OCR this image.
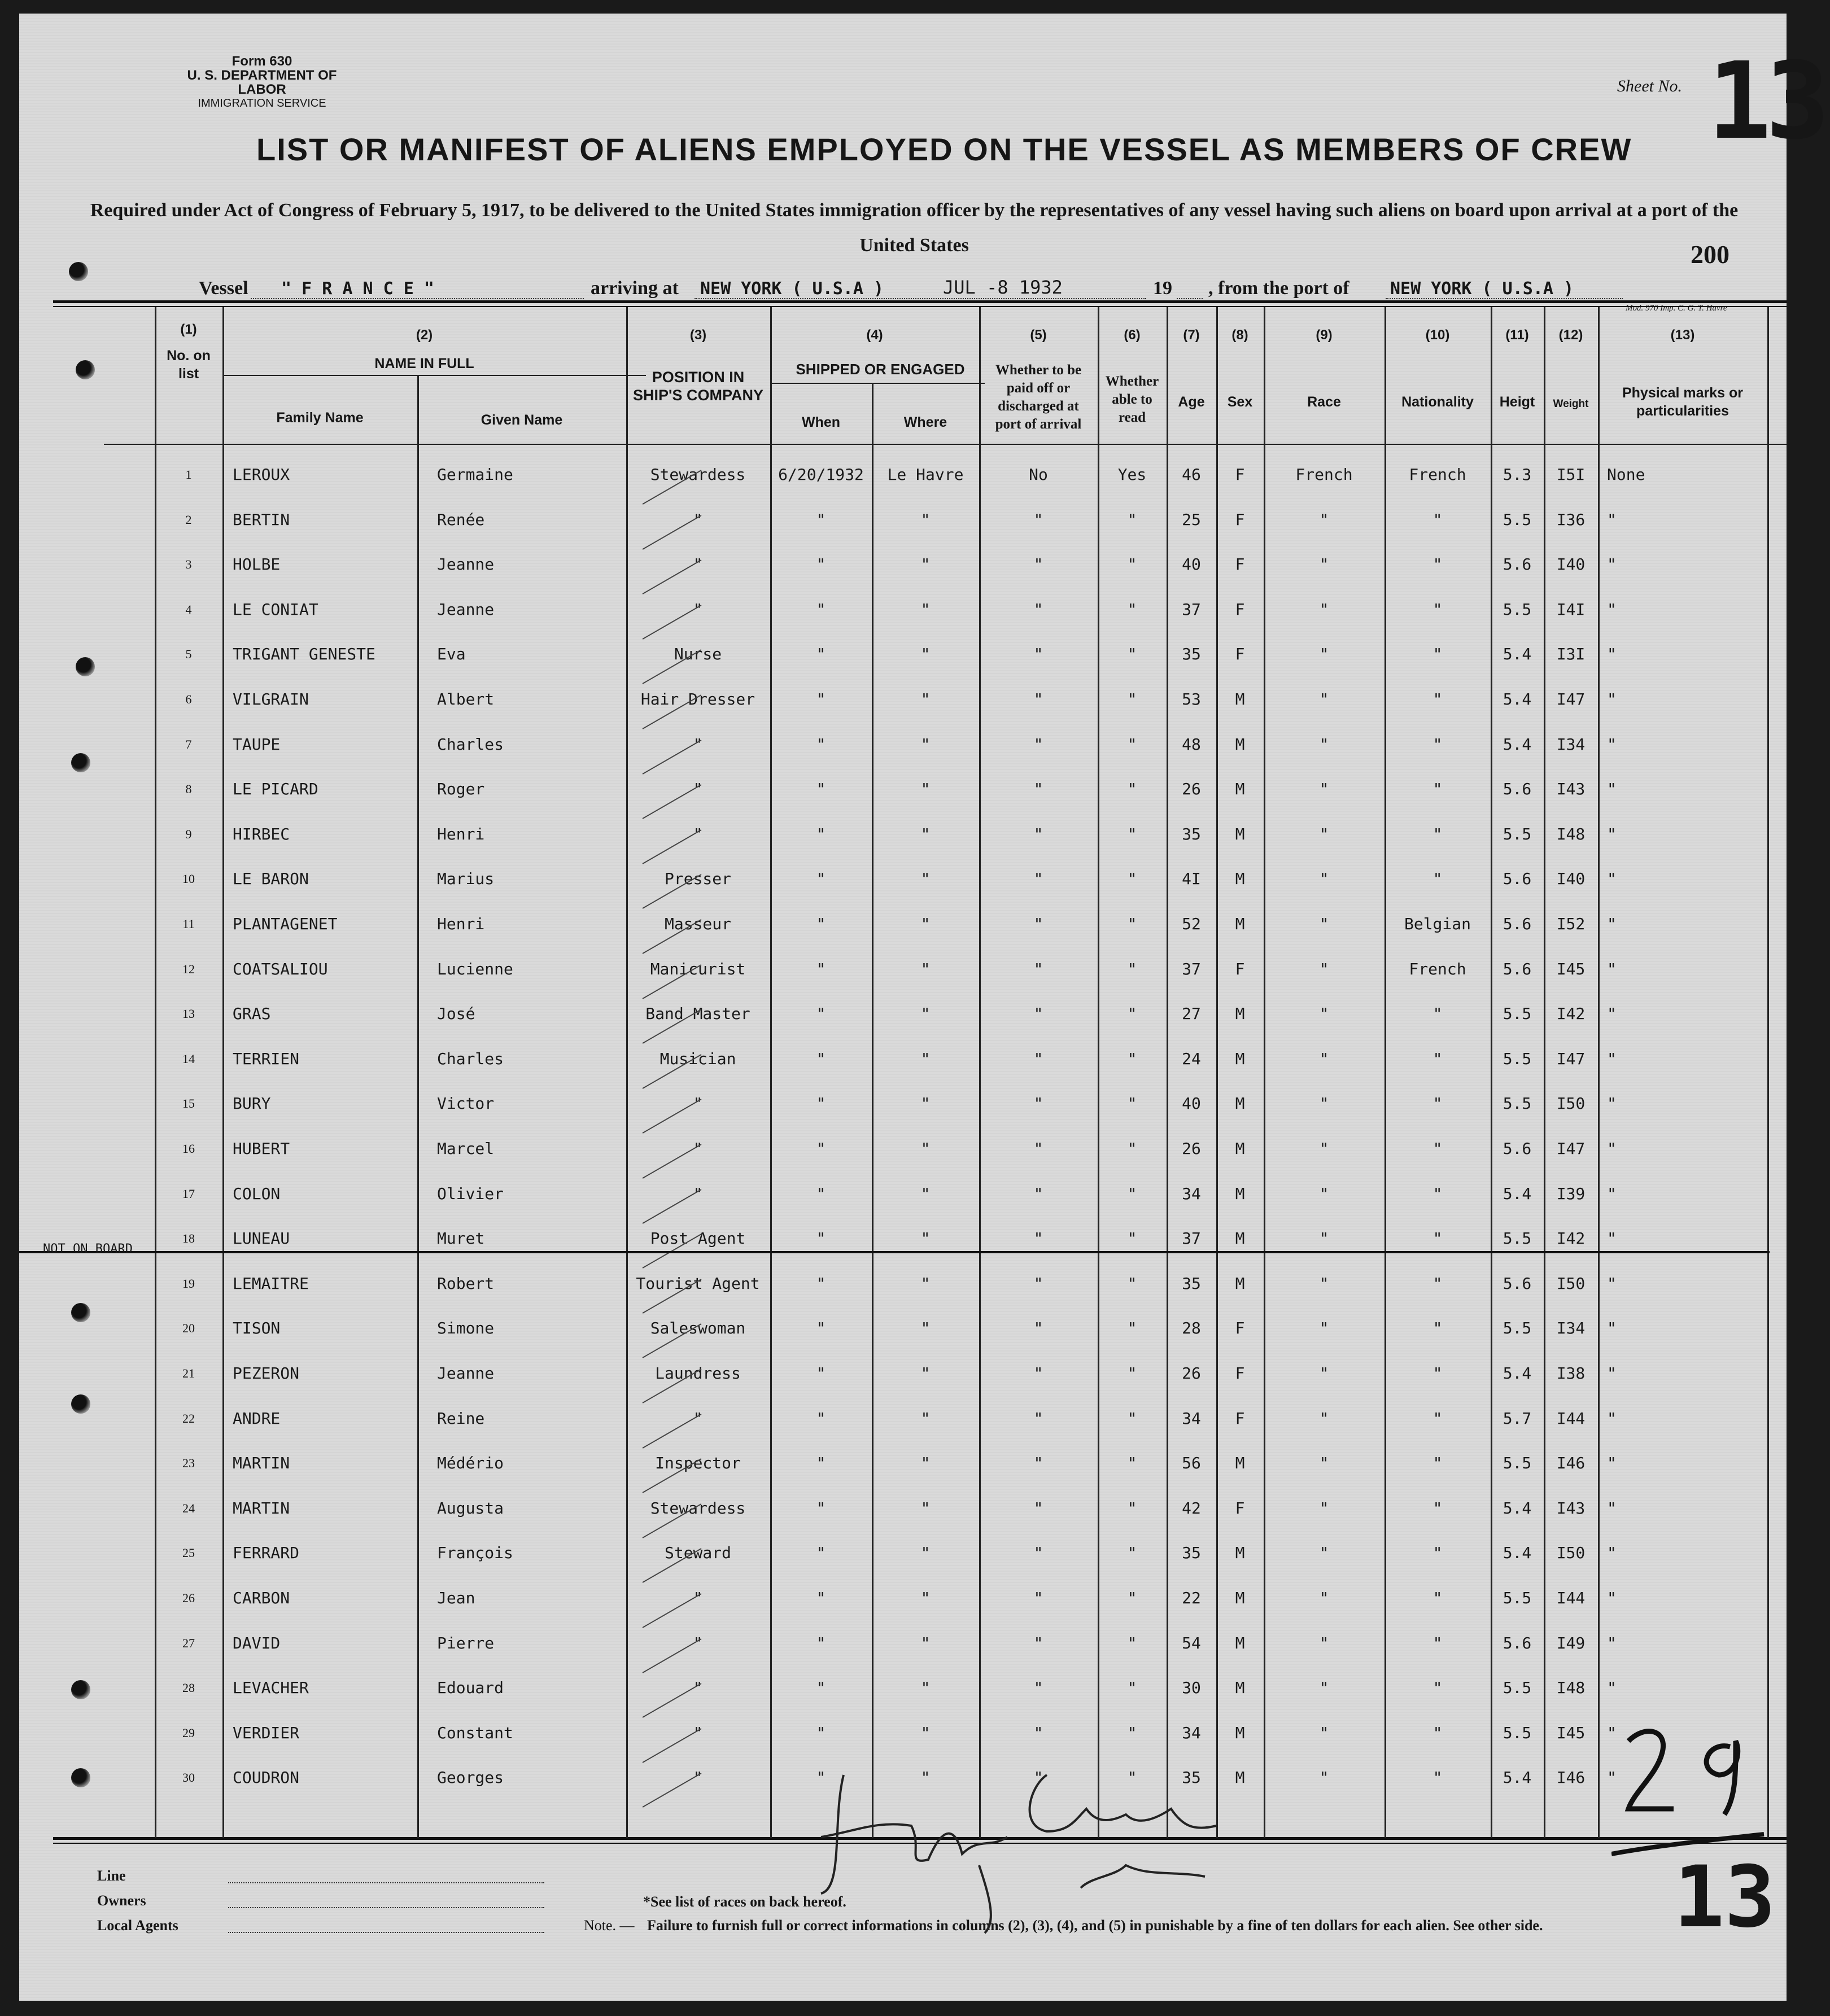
Form 630
U. S. DEPARTMENT OF LABOR
IMMIGRATION SERVICE
Sheet No. 13
200
LIST OR MANIFEST OF ALIENS EMPLOYED ON THE VESSEL AS MEMBERS OF CREW
Required under Act of Congress of February 5, 1917, to be delivered to the United States immigration officer by the representatives of any vessel having such aliens on board upon arrival at a port of the United States
Vessel " F R A N C E "	arriving at NEW YORK ( U.S.A )	JUL -8 1932	19 , from the port of NEW YORK ( U.S.A )
Mod. 970 Imp. C. G. T. Havre
(1)	(2)	(3)	(4)	(5)	(6)	(7)	(8)	(9)	(10)	(11)	(12)	(13)
No. on list
NAME IN FULL
Family Name	Given Name
POSITION IN SHIP'S COMPANY
SHIPPED OR ENGAGED
When	Where
Whether to be paid off or discharged at port of arrival
Whether able to read
Age	Sex	Race	Nationality	Heigt	Weight
Physical marks or particularities
1	LEROUX	Germaine	Stewardess	6/20/1932	Le Havre	No	Yes	46	F	French	French	5.3	I5I	None
2	BERTIN	Renée	"	"	"	"	"	25	F	"	"	5.5	I36	"
3	HOLBE	Jeanne	"	"	"	"	"	40	F	"	"	5.6	I40	"
4	LE CONIAT	Jeanne	"	"	"	"	"	37	F	"	"	5.5	I4I	"
5	TRIGANT GENESTE	Eva	Nurse	"	"	"	"	35	F	"	"	5.4	I3I	"
6	VILGRAIN	Albert	Hair Dresser	"	"	"	"	53	M	"	"	5.4	I47	"
7	TAUPE	Charles	"	"	"	"	"	48	M	"	"	5.4	I34	"
8	LE PICARD	Roger	"	"	"	"	"	26	M	"	"	5.6	I43	"
9	HIRBEC	Henri	"	"	"	"	"	35	M	"	"	5.5	I48	"
10	LE BARON	Marius	Presser	"	"	"	"	4I	M	"	"	5.6	I40	"
11	PLANTAGENET	Henri	Masseur	"	"	"	"	52	M	"	Belgian	5.6	I52	"
12	COATSALIOU	Lucienne	Manicurist	"	"	"	"	37	F	"	French	5.6	I45	"
13	GRAS	José	Band Master	"	"	"	"	27	M	"	"	5.5	I42	"
14	TERRIEN	Charles	Musician	"	"	"	"	24	M	"	"	5.5	I47	"
15	BURY	Victor	"	"	"	"	"	40	M	"	"	5.5	I50	"
16	HUBERT	Marcel	"	"	"	"	"	26	M	"	"	5.6	I47	"
17	COLON	Olivier	"	"	"	"	"	34	M	"	"	5.4	I39	"
18	LUNEAU	Muret	Post Agent	"	"	"	"	37	M	"	"	5.5	I42	"
19	LEMAITRE	Robert	Tourist Agent	"	"	"	"	35	M	"	"	5.6	I50	"
20	TISON	Simone	Saleswoman	"	"	"	"	28	F	"	"	5.5	I34	"
21	PEZERON	Jeanne	Laundress	"	"	"	"	26	F	"	"	5.4	I38	"
22	ANDRE	Reine	"	"	"	"	"	34	F	"	"	5.7	I44	"
23	MARTIN	Médério	Inspector	"	"	"	"	56	M	"	"	5.5	I46	"
24	MARTIN	Augusta	Stewardess	"	"	"	"	42	F	"	"	5.4	I43	"
25	FERRARD	François	Steward	"	"	"	"	35	M	"	"	5.4	I50	"
26	CARBON	Jean	"	"	"	"	"	22	M	"	"	5.5	I44	"
27	DAVID	Pierre	"	"	"	"	"	54	M	"	"	5.6	I49	"
28	LEVACHER	Edouard	"	"	"	"	"	30	M	"	"	5.5	I48	"
29	VERDIER	Constant	"	"	"	"	"	34	M	"	"	5.5	I45	"
30	COUDRON	Georges	"	"	"	"	"	35	M	"	"	5.4	I46	"
NOT ON BOARD
Line
Owners
Local Agents
*See list of races on back hereof.
Note. — Failure to furnish full or correct informations in columns (2), (3), (4), and (5) in punishable by a fine of ten dollars for each alien. See other side.	13
